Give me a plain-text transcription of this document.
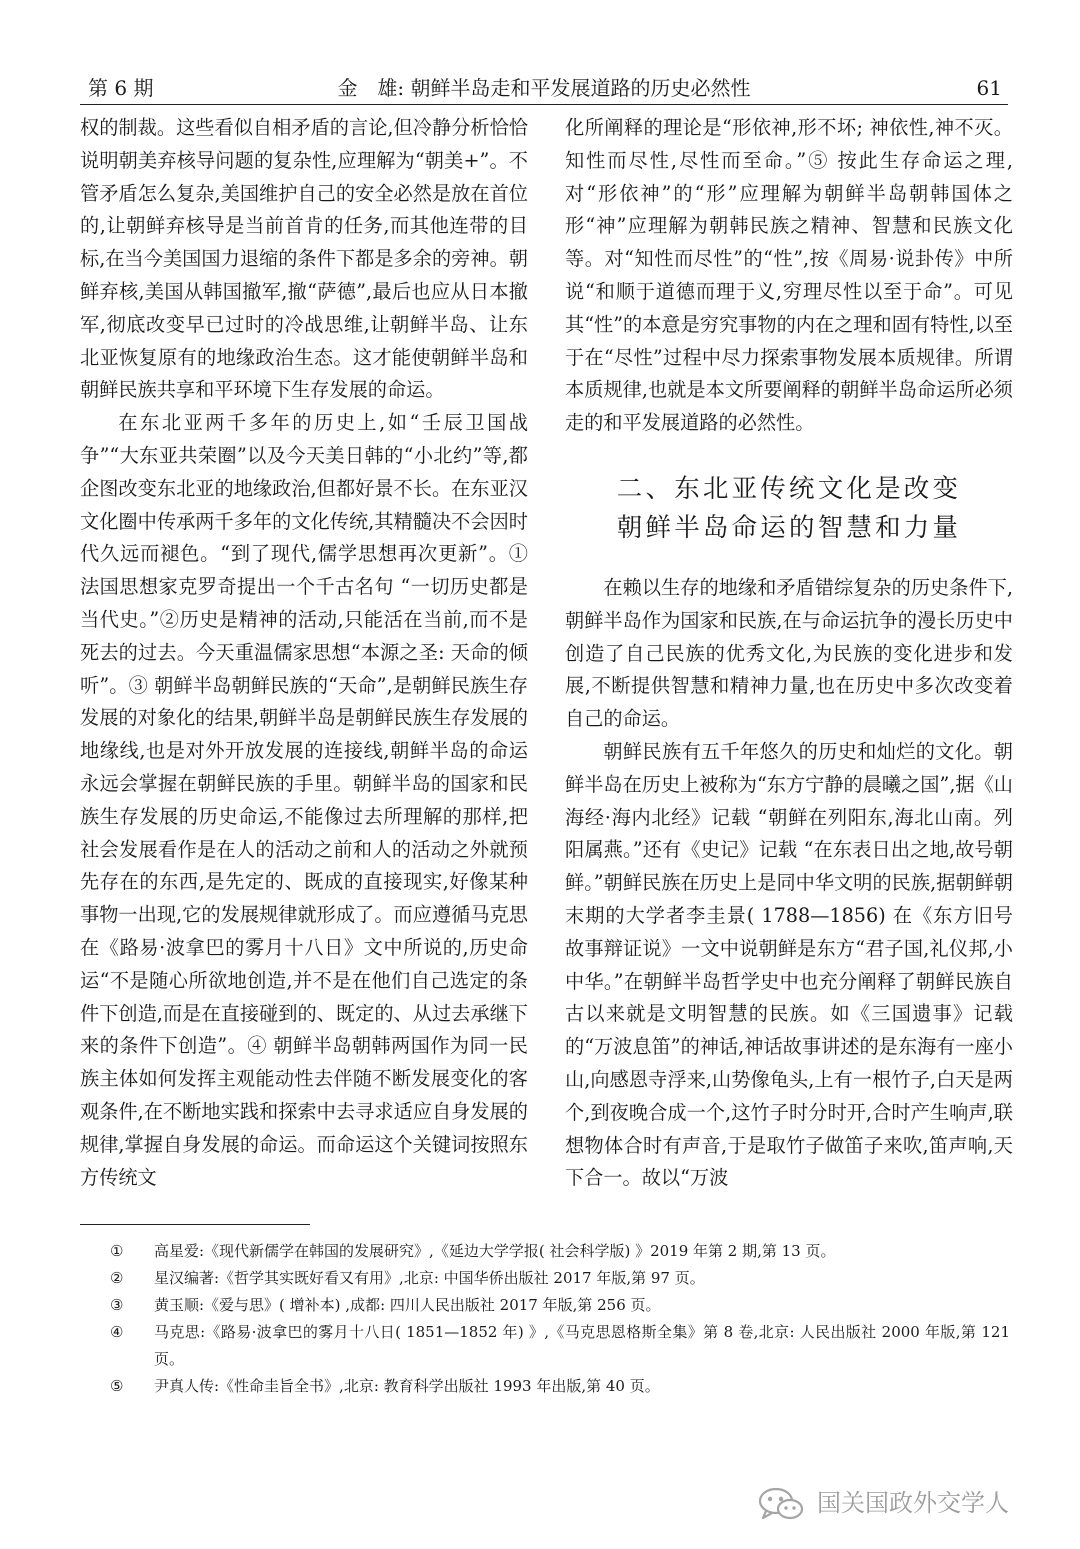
第 6 期	金　雄: 朝鲜半岛走和平发展道路的历史必然性	61

权的制裁。这些看似自相矛盾的言论,但冷静分析恰恰说明朝美弃核导问题的复杂性,应理解为“朝美+”。不管矛盾怎么复杂,美国维护自己的安全必然是放在首位的,让朝鲜弃核导是当前首肯的任务,而其他连带的目标,在当今美国国力退缩的条件下都是多余的旁神。朝鲜弃核,美国从韩国撤军,撤“萨德”,最后也应从日本撤军,彻底改变早已过时的冷战思维,让朝鲜半岛、让东北亚恢复原有的地缘政治生态。这才能使朝鲜半岛和朝鲜民族共享和平环境下生存发展的命运。

在东北亚两千多年的历史上,如“壬辰卫国战争”“大东亚共荣圈”以及今天美日韩的“小北约”等,都企图改变东北亚的地缘政治,但都好景不长。在东亚汉文化圈中传承两千多年的文化传统,其精髓决不会因时代久远而褪色。“到了现代,儒学思想再次更新”。① 法国思想家克罗奇提出一个千古名句 “一切历史都是当代史。”②历史是精神的活动,只能活在当前,而不是死去的过去。今天重温儒家思想“本源之圣: 天命的倾听”。③ 朝鲜半岛朝鲜民族的“天命”,是朝鲜民族生存发展的对象化的结果,朝鲜半岛是朝鲜民族生存发展的地缘线,也是对外开放发展的连接线,朝鲜半岛的命运永远会掌握在朝鲜民族的手里。朝鲜半岛的国家和民族生存发展的历史命运,不能像过去所理解的那样,把社会发展看作是在人的活动之前和人的活动之外就预先存在的东西,是先定的、既成的直接现实,好像某种事物一出现,它的发展规律就形成了。而应遵循马克思在《路易·波拿巴的雾月十八日》文中所说的,历史命运“不是随心所欲地创造,并不是在他们自己选定的条件下创造,而是在直接碰到的、既定的、从过去承继下来的条件下创造”。④ 朝鲜半岛朝韩两国作为同一民族主体如何发挥主观能动性去伴随不断发展变化的客观条件,在不断地实践和探索中去寻求适应自身发展的规律,掌握自身发展的命运。而命运这个关键词按照东方传统文

化所阐释的理论是“形依神,形不坏; 神依性,神不灭。知性而尽性,尽性而至命。”⑤ 按此生存命运之理,对“形依神”的“形”应理解为朝鲜半岛朝韩国体之形“神”应理解为朝韩民族之精神、智慧和民族文化等。对“知性而尽性”的“性”,按《周易·说卦传》中所说“和顺于道德而理于义,穷理尽性以至于命”。可见其“性”的本意是穷究事物的内在之理和固有特性,以至于在“尽性”过程中尽力探索事物发展本质规律。所谓本质规律,也就是本文所要阐释的朝鲜半岛命运所必须走的和平发展道路的必然性。

二、东北亚传统文化是改变
朝鲜半岛命运的智慧和力量

在赖以生存的地缘和矛盾错综复杂的历史条件下,朝鲜半岛作为国家和民族,在与命运抗争的漫长历史中创造了自己民族的优秀文化,为民族的变化进步和发展,不断提供智慧和精神力量,也在历史中多次改变着自己的命运。

朝鲜民族有五千年悠久的历史和灿烂的文化。朝鲜半岛在历史上被称为“东方宁静的晨曦之国”,据《山海经·海内北经》记载 “朝鲜在列阳东,海北山南。列阳属燕。”还有《史记》记载 “在东表日出之地,故号朝鲜。”朝鲜民族在历史上是同中华文明的民族,据朝鲜朝末期的大学者李圭景( 1788—1856) 在《东方旧号故事辩证说》一文中说朝鲜是东方“君子国,礼仪邦,小中华。”在朝鲜半岛哲学史中也充分阐释了朝鲜民族自古以来就是文明智慧的民族。如《三国遗事》记载的“万波息笛”的神话,神话故事讲述的是东海有一座小山,向感恩寺浮来,山势像龟头,上有一根竹子,白天是两个,到夜晚合成一个,这竹子时分时开,合时产生响声,联想物体合时有声音,于是取竹子做笛子来吹,笛声响,天下合一。故以“万波

①	高星爱:《现代新儒学在韩国的发展研究》,《延边大学学报( 社会科学版) 》2019 年第 2 期,第 13 页。
②	星汉编著:《哲学其实既好看又有用》,北京: 中国华侨出版社 2017 年版,第 97 页。
③	黄玉顺:《爱与思》( 增补本) ,成都: 四川人民出版社 2017 年版,第 256 页。
④	马克思:《路易·波拿巴的雾月十八日( 1851—1852 年) 》,《马克思恩格斯全集》第 8 卷,北京: 人民出版社 2000 年版,第 121 页。
⑤	尹真人传:《性命圭旨全书》,北京: 教育科学出版社 1993 年出版,第 40 页。
国关国政外交学人
